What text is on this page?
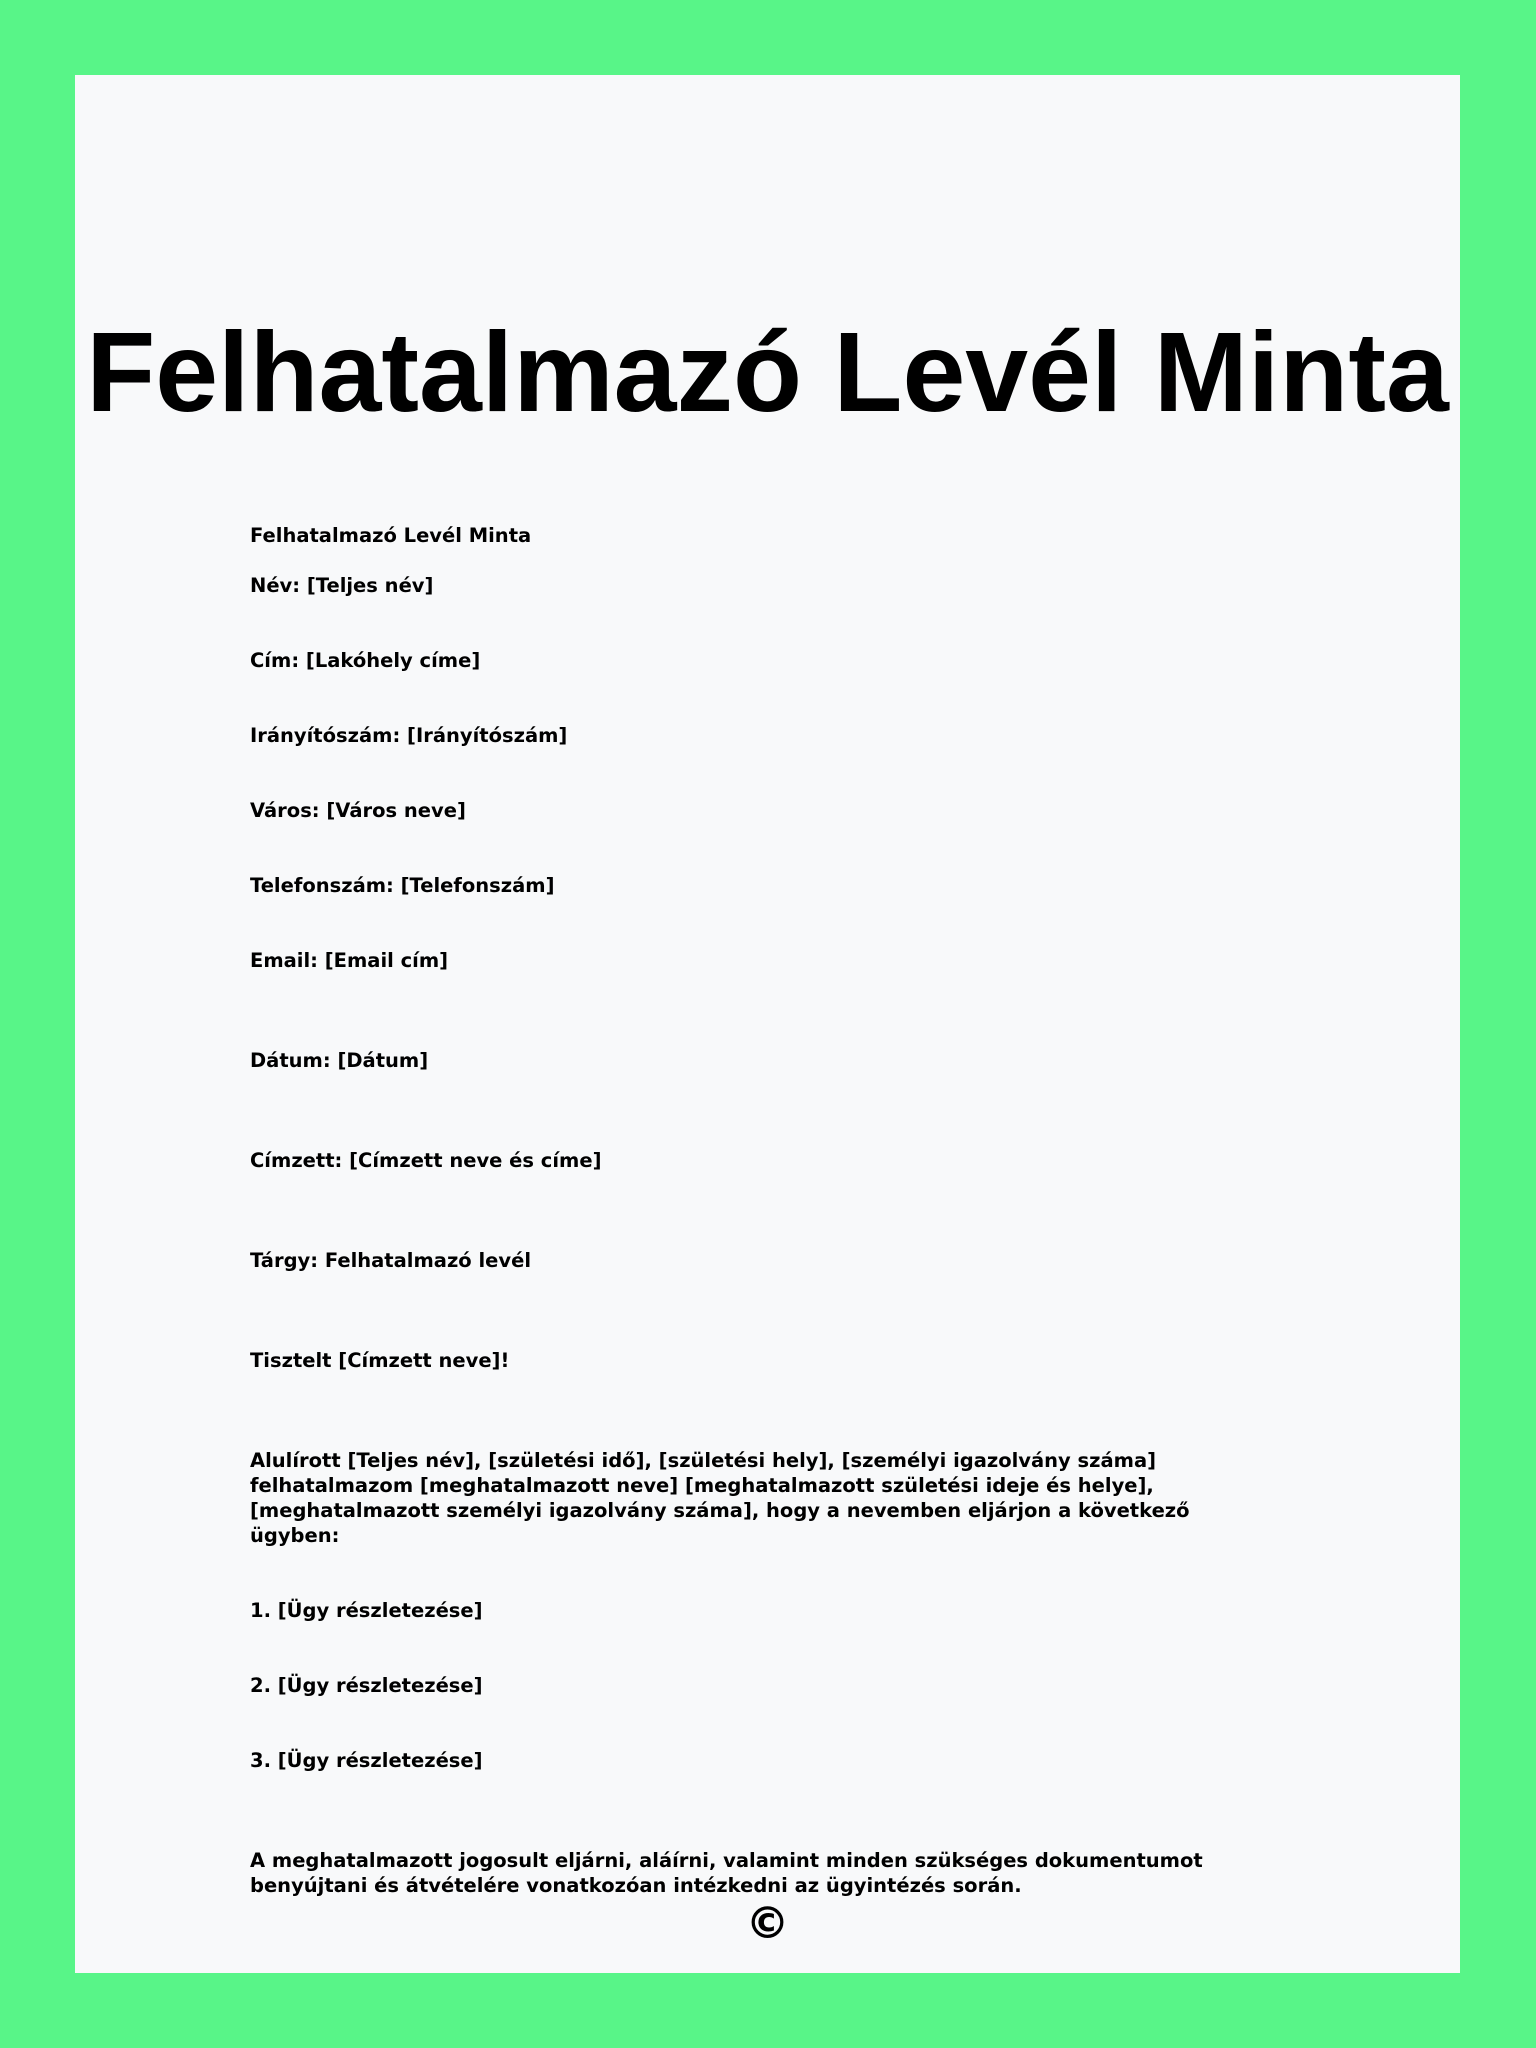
Felhatalmazó Levél Minta

Felhatalmazó Levél Minta

Név: [Teljes név]

Cím: [Lakóhely címe]

Irányítószám: [Irányítószám]

Város: [Város neve]

Telefonszám: [Telefonszám]

Email: [Email cím]

Dátum: [Dátum]

Címzett: [Címzett neve és címe]

Tárgy: Felhatalmazó levél

Tisztelt [Címzett neve]!

Alulírott [Teljes név], [születési idő], [születési hely], [személyi igazolvány száma] felhatalmazom [meghatalmazott neve] [meghatalmazott születési ideje és helye], [meghatalmazott személyi igazolvány száma], hogy a nevemben eljárjon a következő ügyben:

1. [Ügy részletezése]

2. [Ügy részletezése]

3. [Ügy részletezése]

A meghatalmazott jogosult eljárni, aláírni, valamint minden szükséges dokumentumot benyújtani és átvételére vonatkozóan intézkedni az ügyintézés során.

©
